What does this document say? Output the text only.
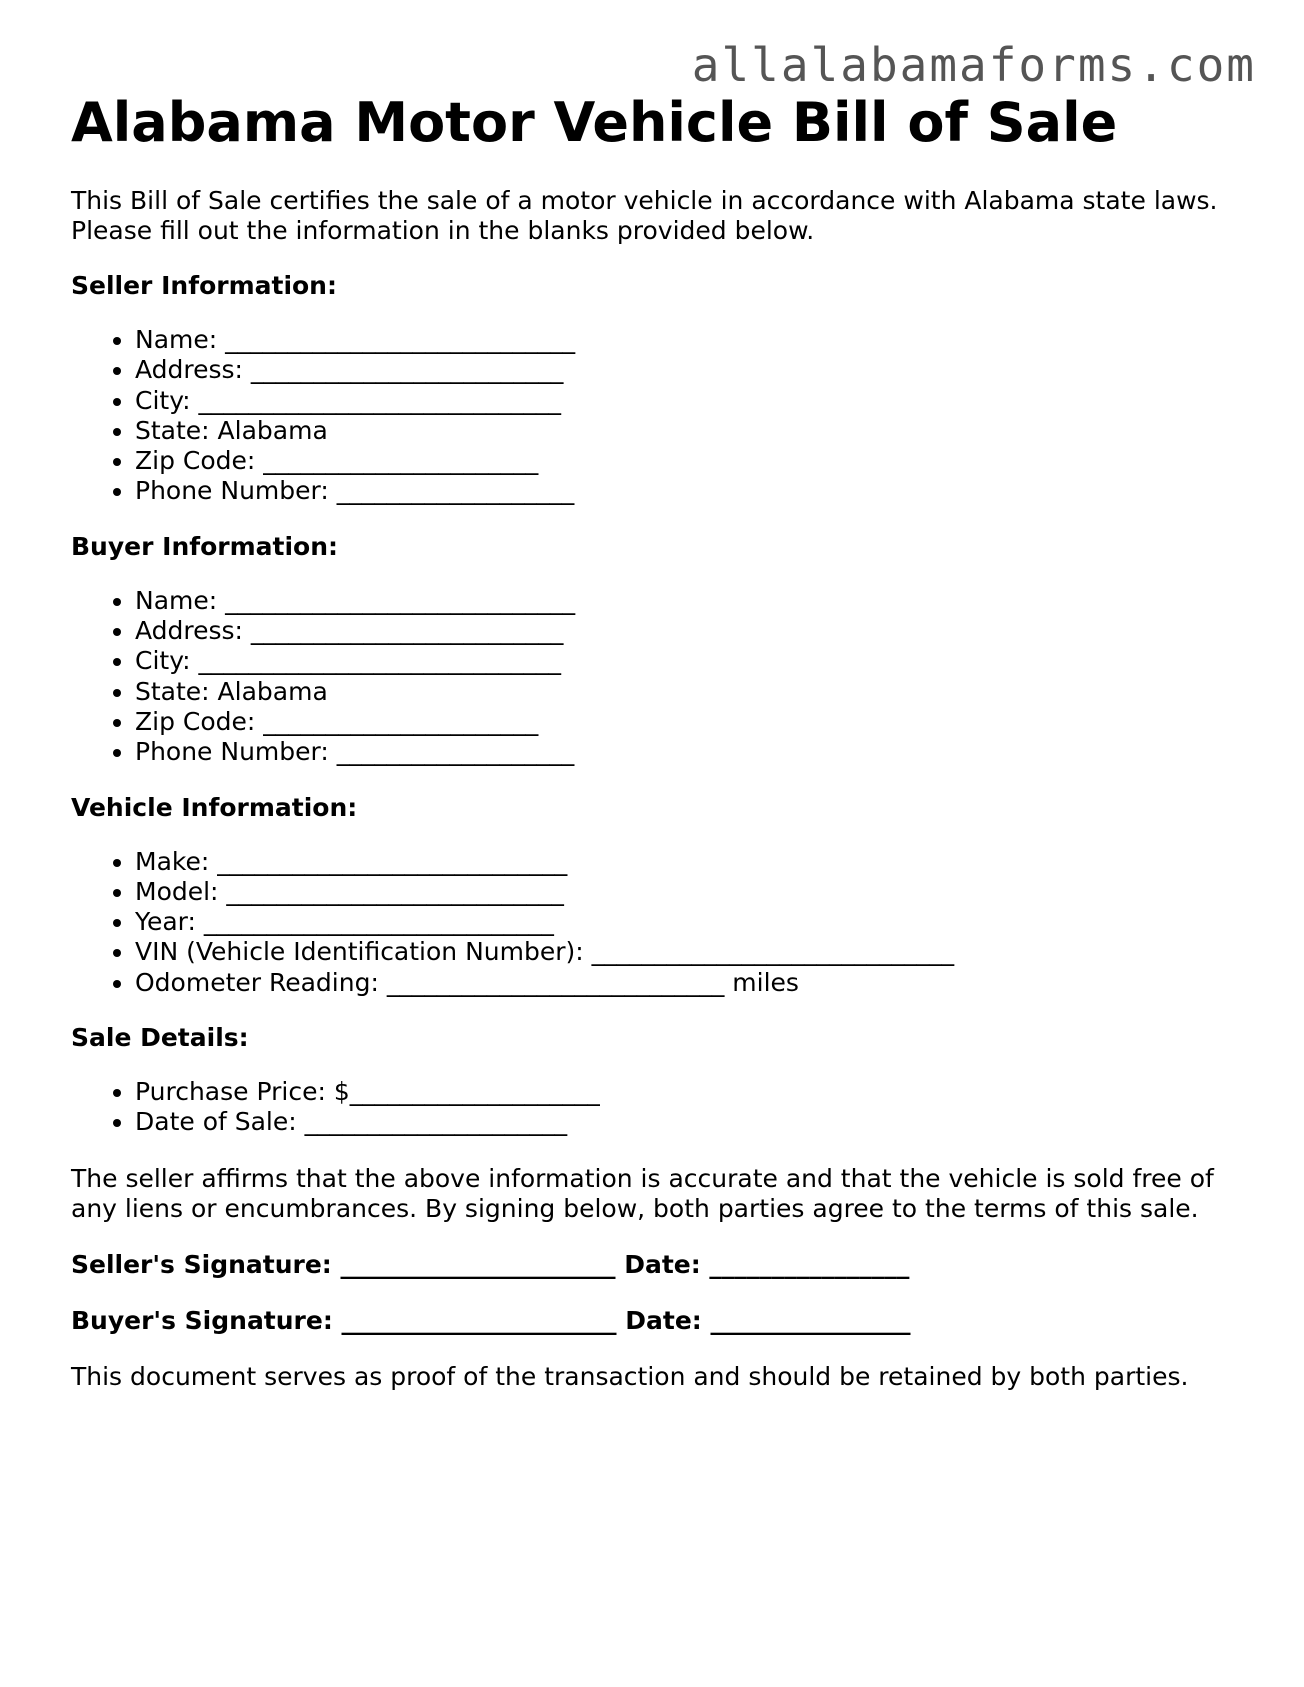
allalabamaforms.com
Alabama Motor Vehicle Bill of Sale

This Bill of Sale certifies the sale of a motor vehicle in accordance with Alabama state laws. Please fill out the information in the blanks provided below.

Seller Information:
• Name: ____________________________
• Address: _________________________
• City: _____________________________
• State: Alabama
• Zip Code: ______________________
• Phone Number: ___________________
Buyer Information:
• Name: ____________________________
• Address: _________________________
• City: _____________________________
• State: Alabama
• Zip Code: ______________________
• Phone Number: ___________________
Vehicle Information:
• Make: ____________________________
• Model: ___________________________
• Year: ____________________________
• VIN (Vehicle Identification Number): _____________________________
• Odometer Reading: ___________________________ miles
Sale Details:
• Purchase Price: $____________________
• Date of Sale: _____________________

The seller affirms that the above information is accurate and that the vehicle is sold free of any liens or encumbrances. By signing below, both parties agree to the terms of this sale.

Seller's Signature: ______________________ Date: ________________

Buyer's Signature: ______________________ Date: ________________

This document serves as proof of the transaction and should be retained by both parties.
